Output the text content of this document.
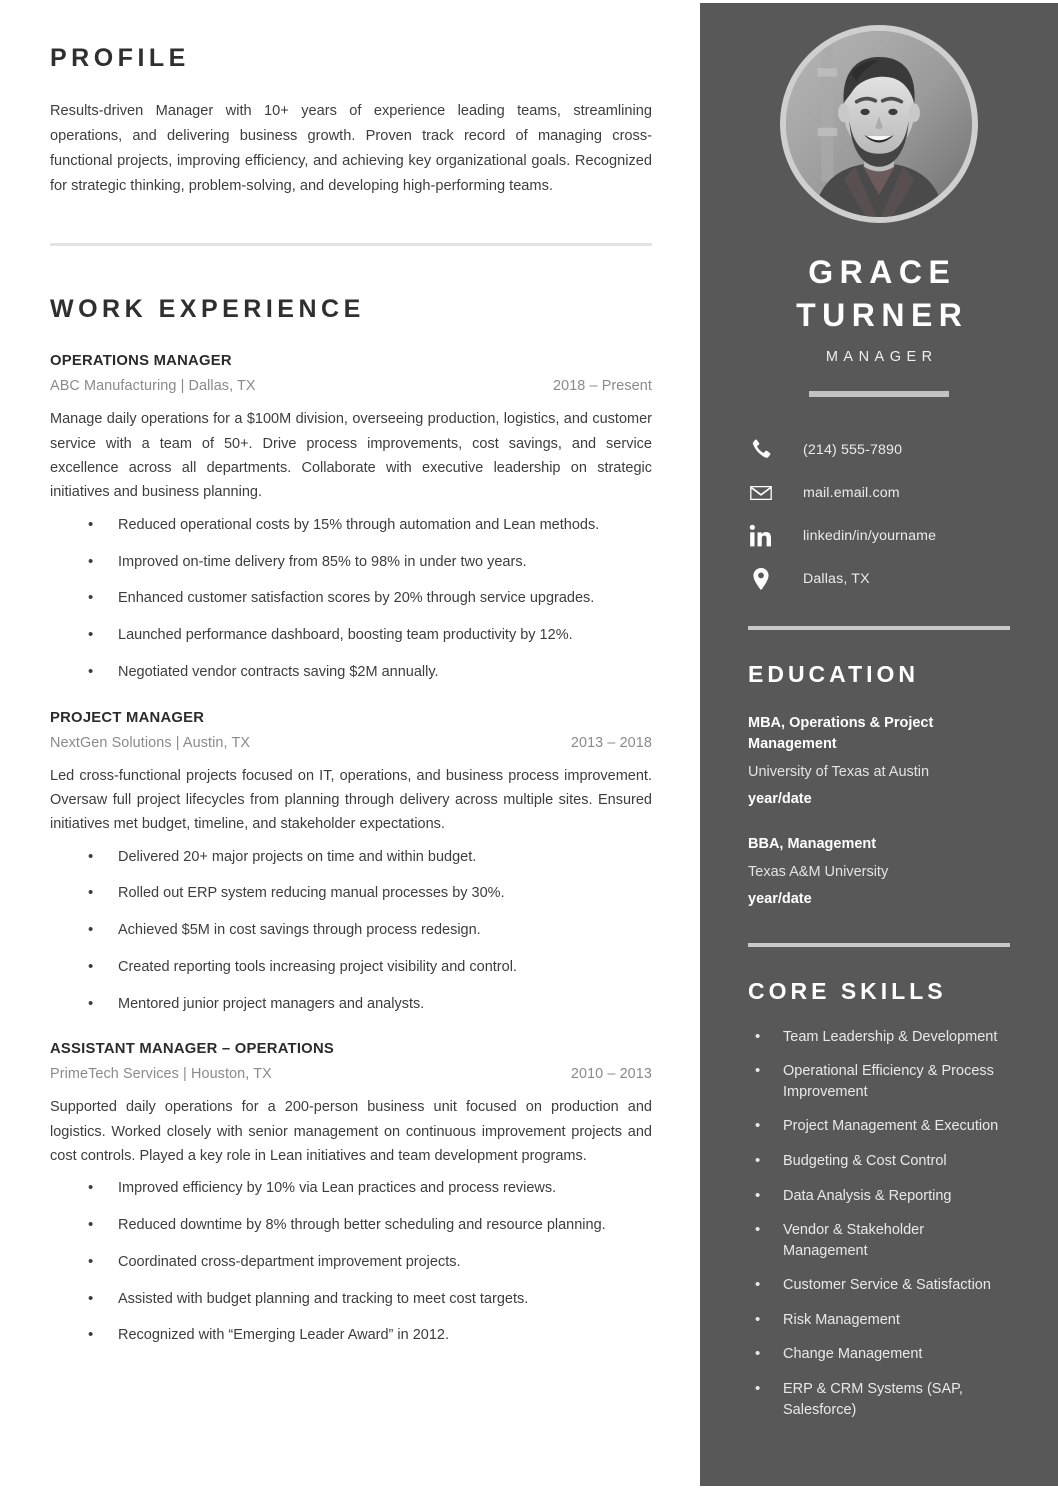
PROFILE

Results-driven Manager with 10+ years of experience leading teams, streamlining operations, and delivering business growth. Proven track record of managing cross-functional projects, improving efficiency, and achieving key organizational goals. Recognized for strategic thinking, problem-solving, and developing high-performing teams.

WORK EXPERIENCE
OPERATIONS MANAGER
ABC Manufacturing | Dallas, TX	2018 – Present

Manage daily operations for a $100M division, overseeing production, logistics, and customer service with a team of 50+. Drive process improvements, cost savings, and service excellence across all departments. Collaborate with executive leadership on strategic initiatives and business planning.

• Reduced operational costs by 15% through automation and Lean methods.
• Improved on-time delivery from 85% to 98% in under two years.
• Enhanced customer satisfaction scores by 20% through service upgrades.
• Launched performance dashboard, boosting team productivity by 12%.
• Negotiated vendor contracts saving $2M annually.
PROJECT MANAGER
NextGen Solutions | Austin, TX	2013 – 2018

Led cross-functional projects focused on IT, operations, and business process improvement. Oversaw full project lifecycles from planning through delivery across multiple sites. Ensured initiatives met budget, timeline, and stakeholder expectations.

• Delivered 20+ major projects on time and within budget.
• Rolled out ERP system reducing manual processes by 30%.
• Achieved $5M in cost savings through process redesign.
• Created reporting tools increasing project visibility and control.
• Mentored junior project managers and analysts.
ASSISTANT MANAGER – OPERATIONS
PrimeTech Services | Houston, TX	2010 – 2013

Supported daily operations for a 200-person business unit focused on production and logistics. Worked closely with senior management on continuous improvement projects and cost controls. Played a key role in Lean initiatives and team development programs.

• Improved efficiency by 10% via Lean practices and process reviews.
• Reduced downtime by 8% through better scheduling and resource planning.
• Coordinated cross-department improvement projects.
• Assisted with budget planning and tracking to meet cost targets.
• Recognized with “Emerging Leader Award” in 2012.
GRACE
TURNER
MANAGER
(214) 555-7890
mail.email.com
linkedin/in/yourname
Dallas, TX
EDUCATION
MBA, Operations & Project Management
University of Texas at Austin
year/date
BBA, Management
Texas A&M University
year/date
CORE SKILLS
• Team Leadership & Development
• Operational Efficiency & Process Improvement
• Project Management & Execution
• Budgeting & Cost Control
• Data Analysis & Reporting
• Vendor & Stakeholder Management
• Customer Service & Satisfaction
• Risk Management
• Change Management
• ERP & CRM Systems (SAP, Salesforce)
